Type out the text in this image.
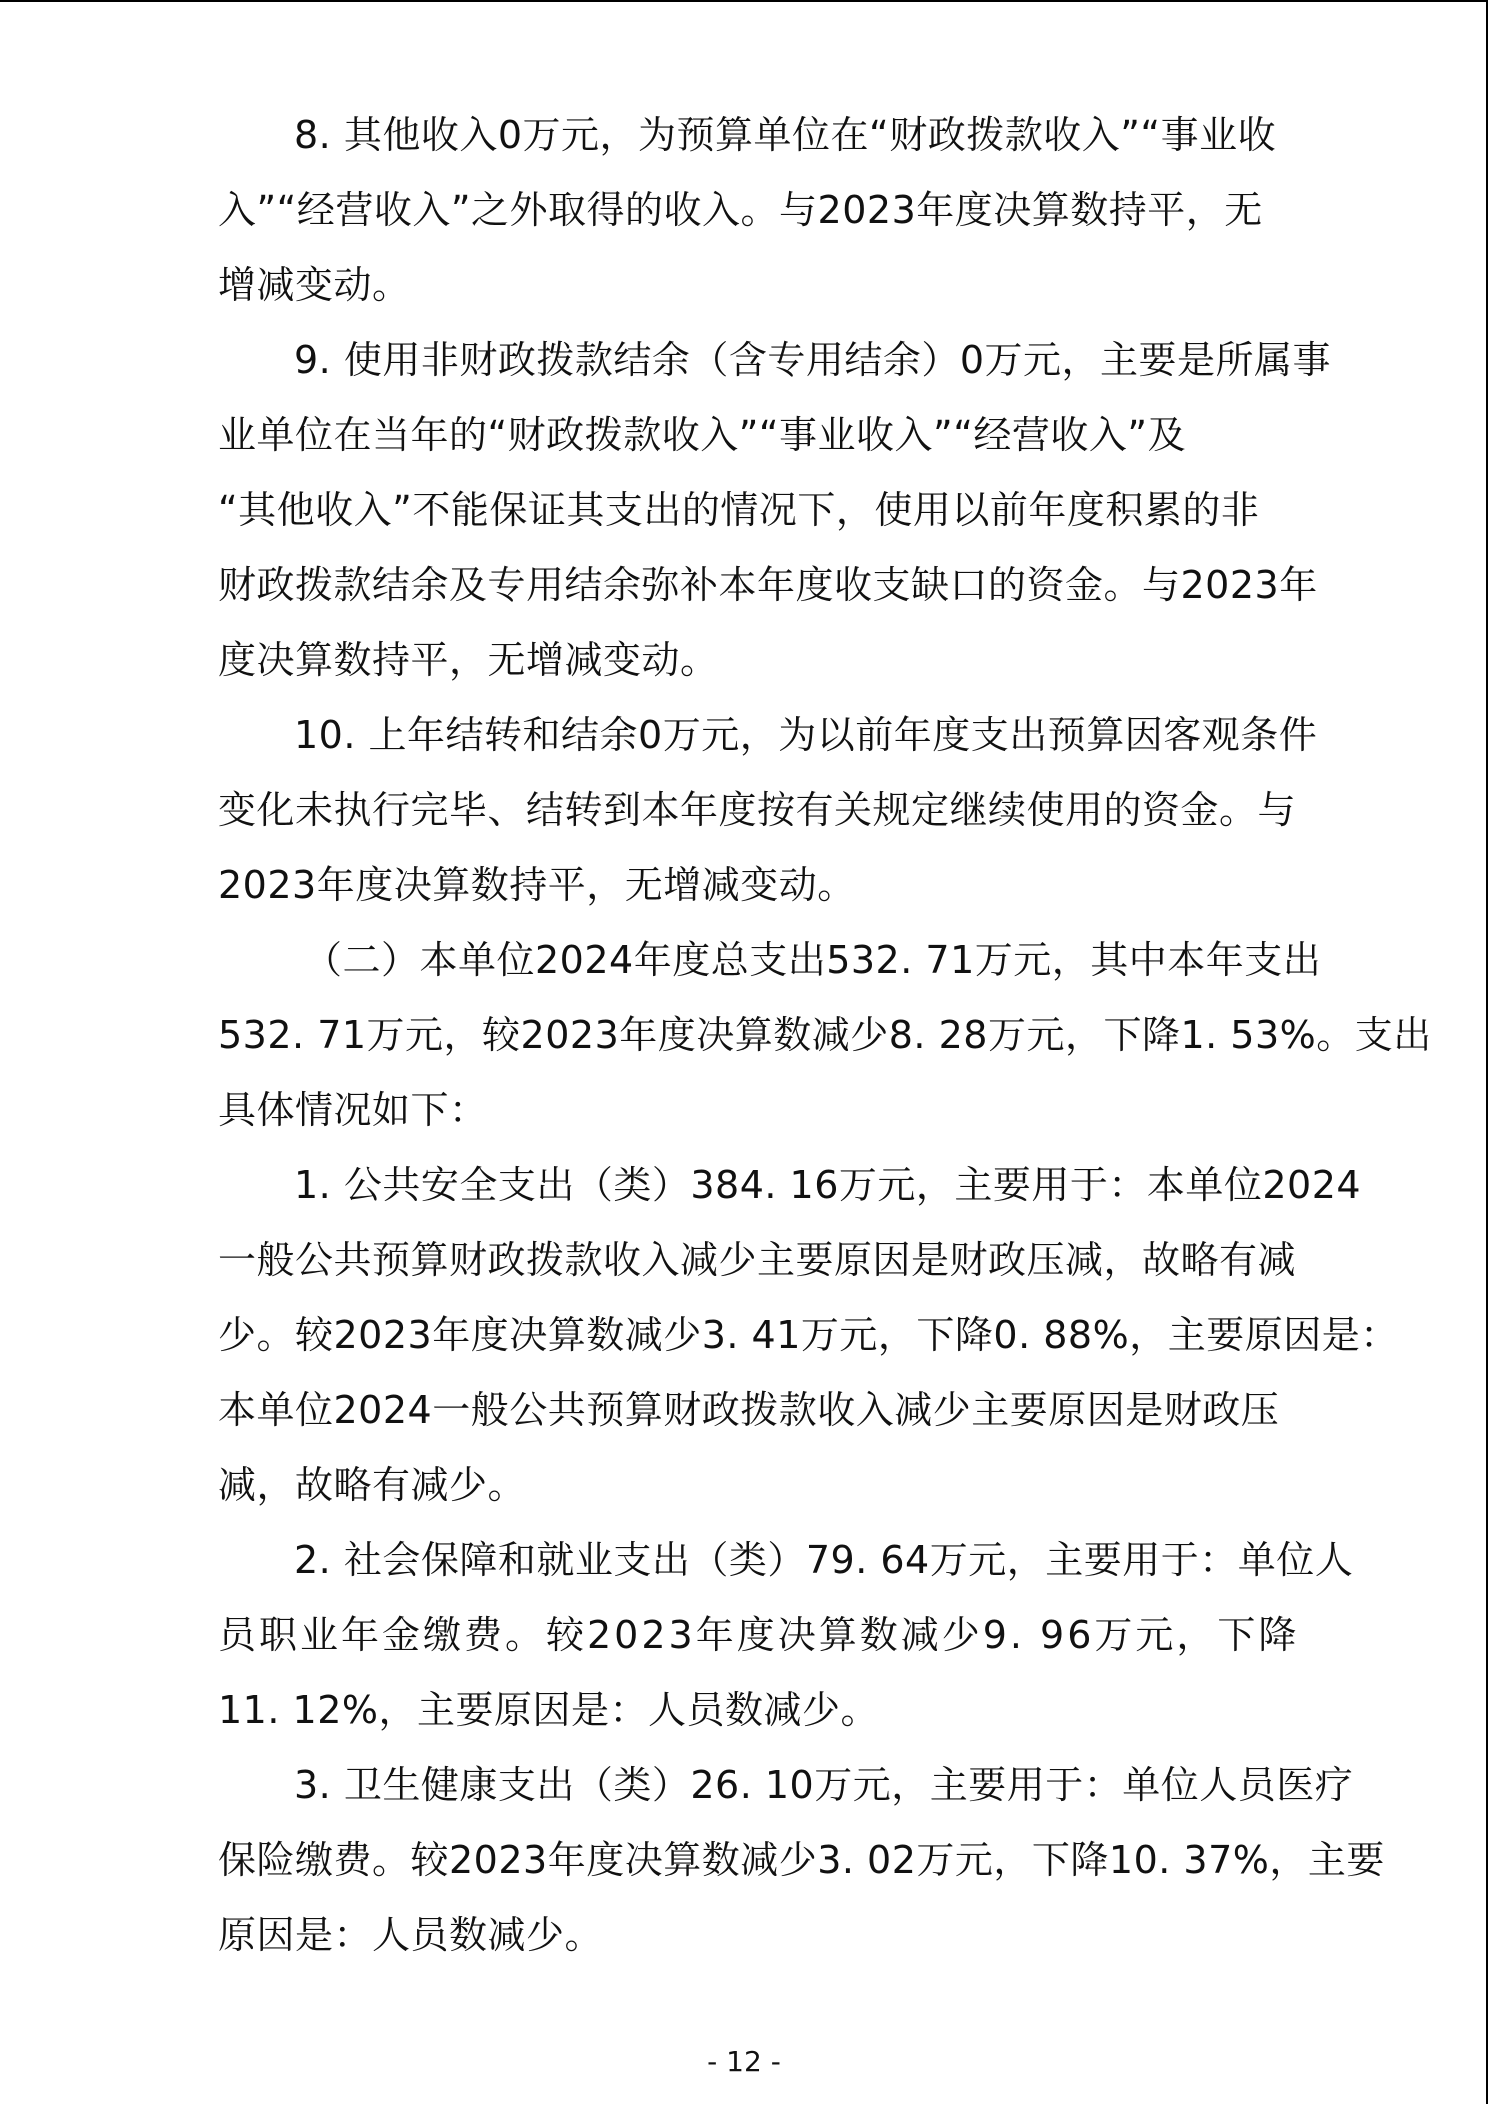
8. 其他收入0万元，为预算单位在“财政拨款收入”“事业收
入”“经营收入”之外取得的收入。与2023年度决算数持平，无
增减变动。
9. 使用非财政拨款结余（含专用结余）0万元，主要是所属事
业单位在当年的“财政拨款收入”“事业收入”“经营收入”及
“其他收入”不能保证其支出的情况下，使用以前年度积累的非
财政拨款结余及专用结余弥补本年度收支缺口的资金。与2023年
度决算数持平，无增减变动。
10. 上年结转和结余0万元，为以前年度支出预算因客观条件
变化未执行完毕、结转到本年度按有关规定继续使用的资金。与
2023年度决算数持平，无增减变动。
（二）本单位2024年度总支出532. 71万元，其中本年支出
532. 71万元，较2023年度决算数减少8. 28万元，下降1. 53%。支出
具体情况如下：
1. 公共安全支出（类）384. 16万元，主要用于：本单位2024
一般公共预算财政拨款收入减少主要原因是财政压减，故略有减
少。较2023年度决算数减少3. 41万元，下降0. 88%，主要原因是：
本单位2024一般公共预算财政拨款收入减少主要原因是财政压
减，故略有减少。
2. 社会保障和就业支出（类）79. 64万元，主要用于：单位人
员职业年金缴费。较2023年度决算数减少9. 96万元，下降
11. 12%，主要原因是：人员数减少。
3. 卫生健康支出（类）26. 10万元，主要用于：单位人员医疗
保险缴费。较2023年度决算数减少3. 02万元，下降10. 37%，主要
原因是：人员数减少。
- 12 -
